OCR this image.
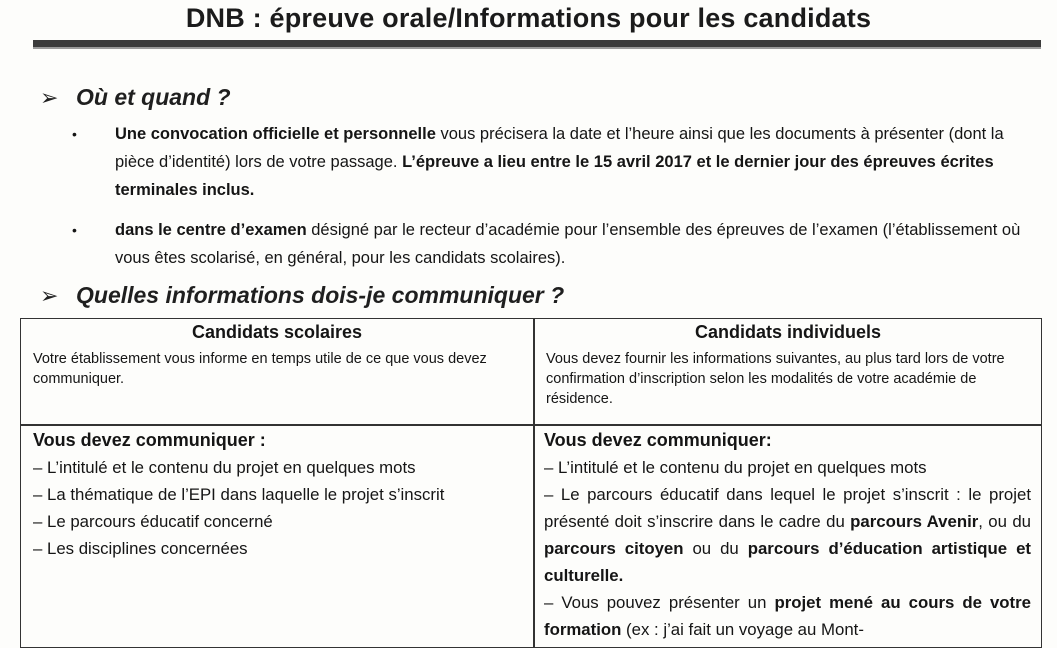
DNB : épreuve orale/Informations pour les candidats
➢ Où et quand ?
• Une convocation officielle et personnelle vous précisera la date et l’heure ainsi que les documents à présenter (dont la pièce d’identité) lors de votre passage. L’épreuve a lieu entre le 15 avril 2017 et le dernier jour des épreuves écrites terminales inclus.
• dans le centre d’examen désigné par le recteur d’académie pour l’ensemble des épreuves de l’examen (l’établissement où vous êtes scolarisé, en général, pour les candidats scolaires).
➢ Quelles informations dois-je communiquer ?
Candidats scolaires
Votre établissement vous informe en temps utile de ce que vous devez communiquer.
Candidats individuels
Vous devez fournir les informations suivantes, au plus tard lors de votre confirmation d’inscription selon les modalités de votre académie de résidence.
Vous devez communiquer :
– L’intitulé et le contenu du projet en quelques mots
– La thématique de l’EPI dans laquelle le projet s’inscrit
– Le parcours éducatif concerné
– Les disciplines concernées
Vous devez communiquer:
– L’intitulé et le contenu du projet en quelques mots
– Le parcours éducatif dans lequel le projet s’inscrit : le projet présenté doit s’inscrire dans le cadre du parcours Avenir, ou du parcours citoyen ou du parcours d’éducation artistique et culturelle.
– Vous pouvez présenter un projet mené au cours de votre formation (ex : j’ai fait un voyage au Mont-
